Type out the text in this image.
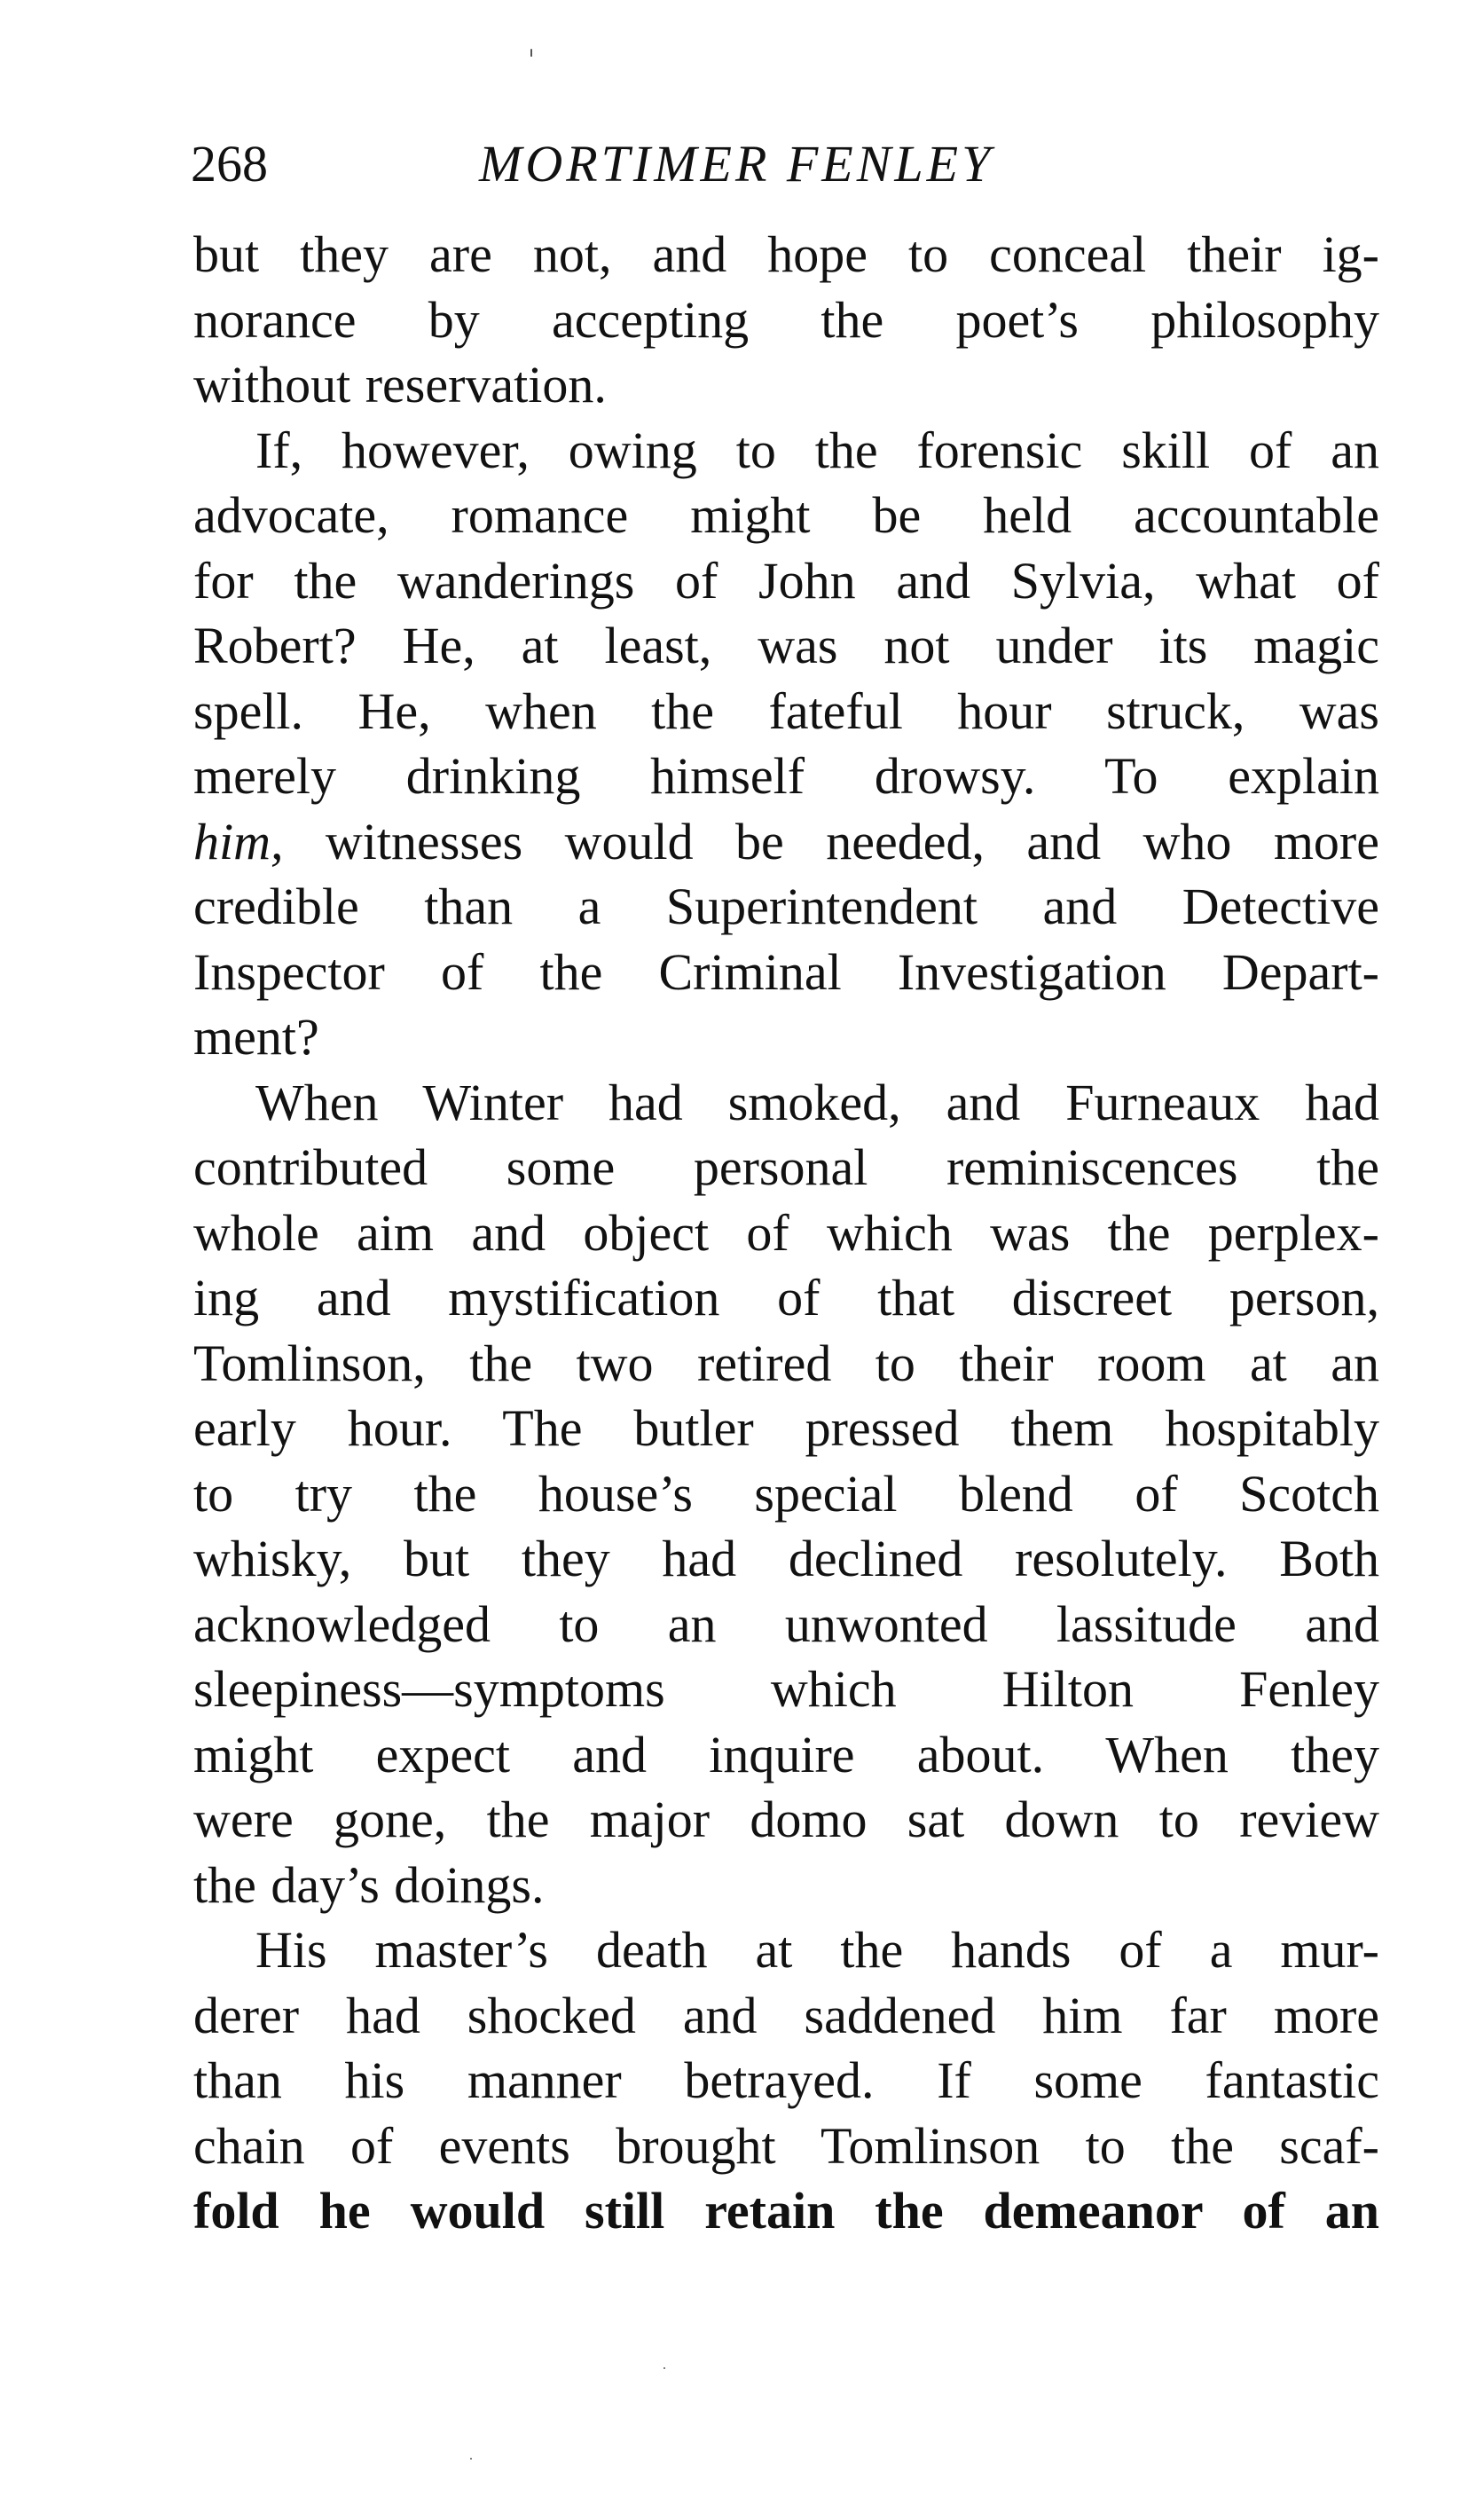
268	MORTIMER FENLEY

but they are not, and hope to conceal their ig-
norance by accepting the poet’s philosophy
without reservation.

If, however, owing to the forensic skill of an
advocate, romance might be held accountable
for the wanderings of John and Sylvia, what of
Robert? He, at least, was not under its magic
spell. He, when the fateful hour struck, was
merely drinking himself drowsy. To explain
him, witnesses would be needed, and who more
credible than a Superintendent and Detective
Inspector of the Criminal Investigation Depart-
ment?

When Winter had smoked, and Furneaux had
contributed some personal reminiscences the
whole aim and object of which was the perplex-
ing and mystification of that discreet person,
Tomlinson, the two retired to their room at an
early hour. The butler pressed them hospitably
to try the house’s special blend of Scotch
whisky, but they had declined resolutely. Both
acknowledged to an unwonted lassitude and
sleepiness—symptoms which Hilton Fenley
might expect and inquire about. When they
were gone, the major domo sat down to review
the day’s doings.

His master’s death at the hands of a mur-
derer had shocked and saddened him far more
than his manner betrayed. If some fantastic
chain of events brought Tomlinson to the scaf-
fold he would still retain the demeanor of an
